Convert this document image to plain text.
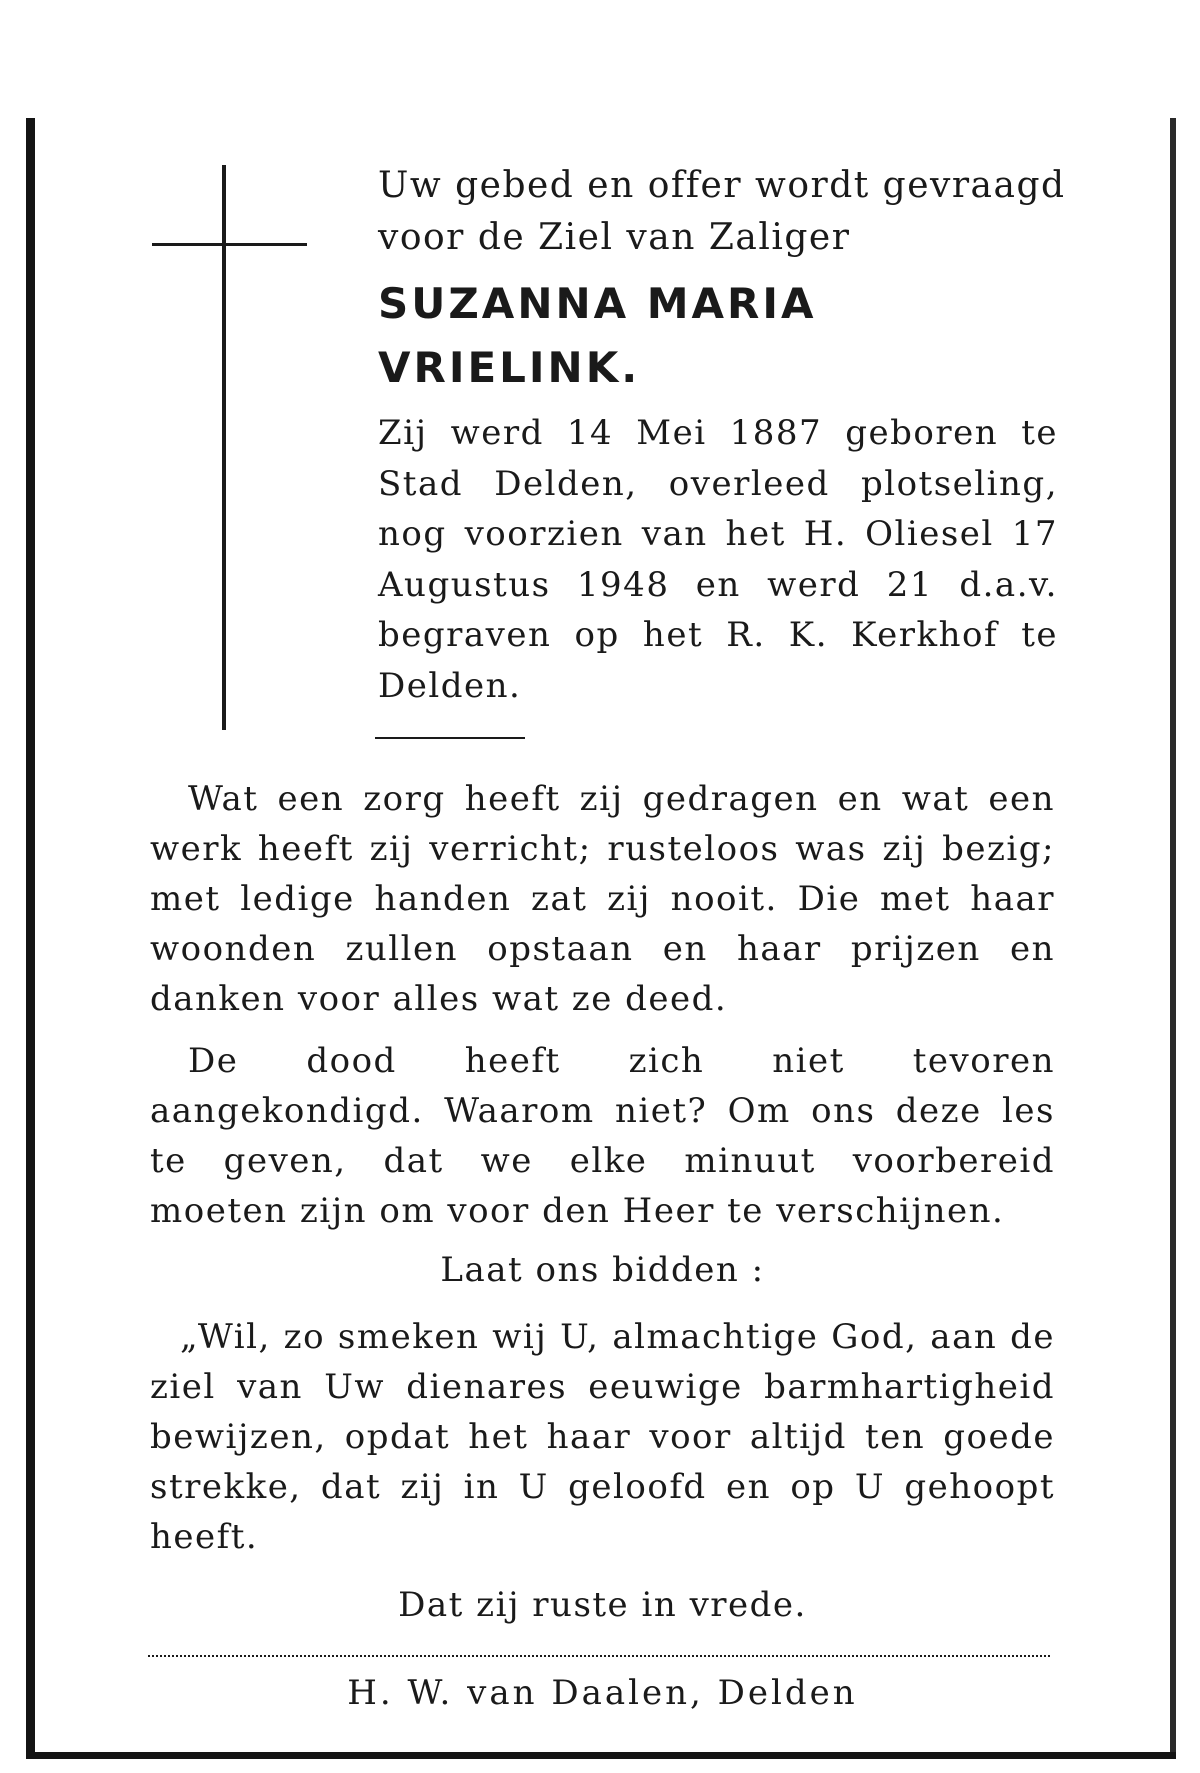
Uw gebed en offer wordt gevraagd
voor de Ziel van Zaliger
SUZANNA MARIA
VRIELINK.

Zij werd 14 Mei 1887 geboren te Stad Delden, overleed plotseling, nog voorzien van het H. Oliesel 17 Augustus 1948 en werd 21 d.a.v. begraven op het R. K. Kerkhof te Delden.

Wat een zorg heeft zij gedragen en wat een werk heeft zij verricht; rusteloos was zij bezig; met ledige handen zat zij nooit. Die met haar woonden zullen opstaan en haar prijzen en danken voor alles wat ze deed.

De dood heeft zich niet tevoren aangekondigd. Waarom niet? Om ons deze les te geven, dat we elke minuut voorbereid moeten zijn om voor den Heer te verschijnen.

Laat ons bidden :

„Wil, zo smeken wij U, almachtige God, aan de ziel van Uw dienares eeuwige barmhartigheid bewijzen, opdat het haar voor altijd ten goede strekke, dat zij in U geloofd en op U gehoopt heeft.

Dat zij ruste in vrede.

H. W. van Daalen, Delden
